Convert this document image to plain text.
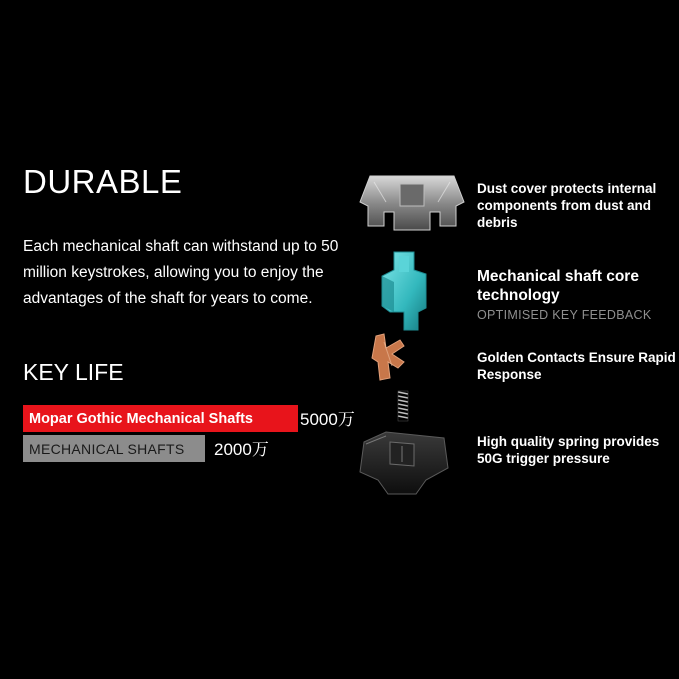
DURABLE
Each mechanical shaft can withstand up to 50 million keystrokes, allowing you to enjoy the advantages of the shaft for years to come.
KEY LIFE
Mopar Gothic Mechanical Shafts	5000万
MECHANICAL SHAFTS 2000万
Dust cover protects internal components from dust and debris
Mechanical shaft core technology
OPTIMISED KEY FEEDBACK
Golden Contacts Ensure Rapid Response
High quality spring provides 50G trigger pressure
